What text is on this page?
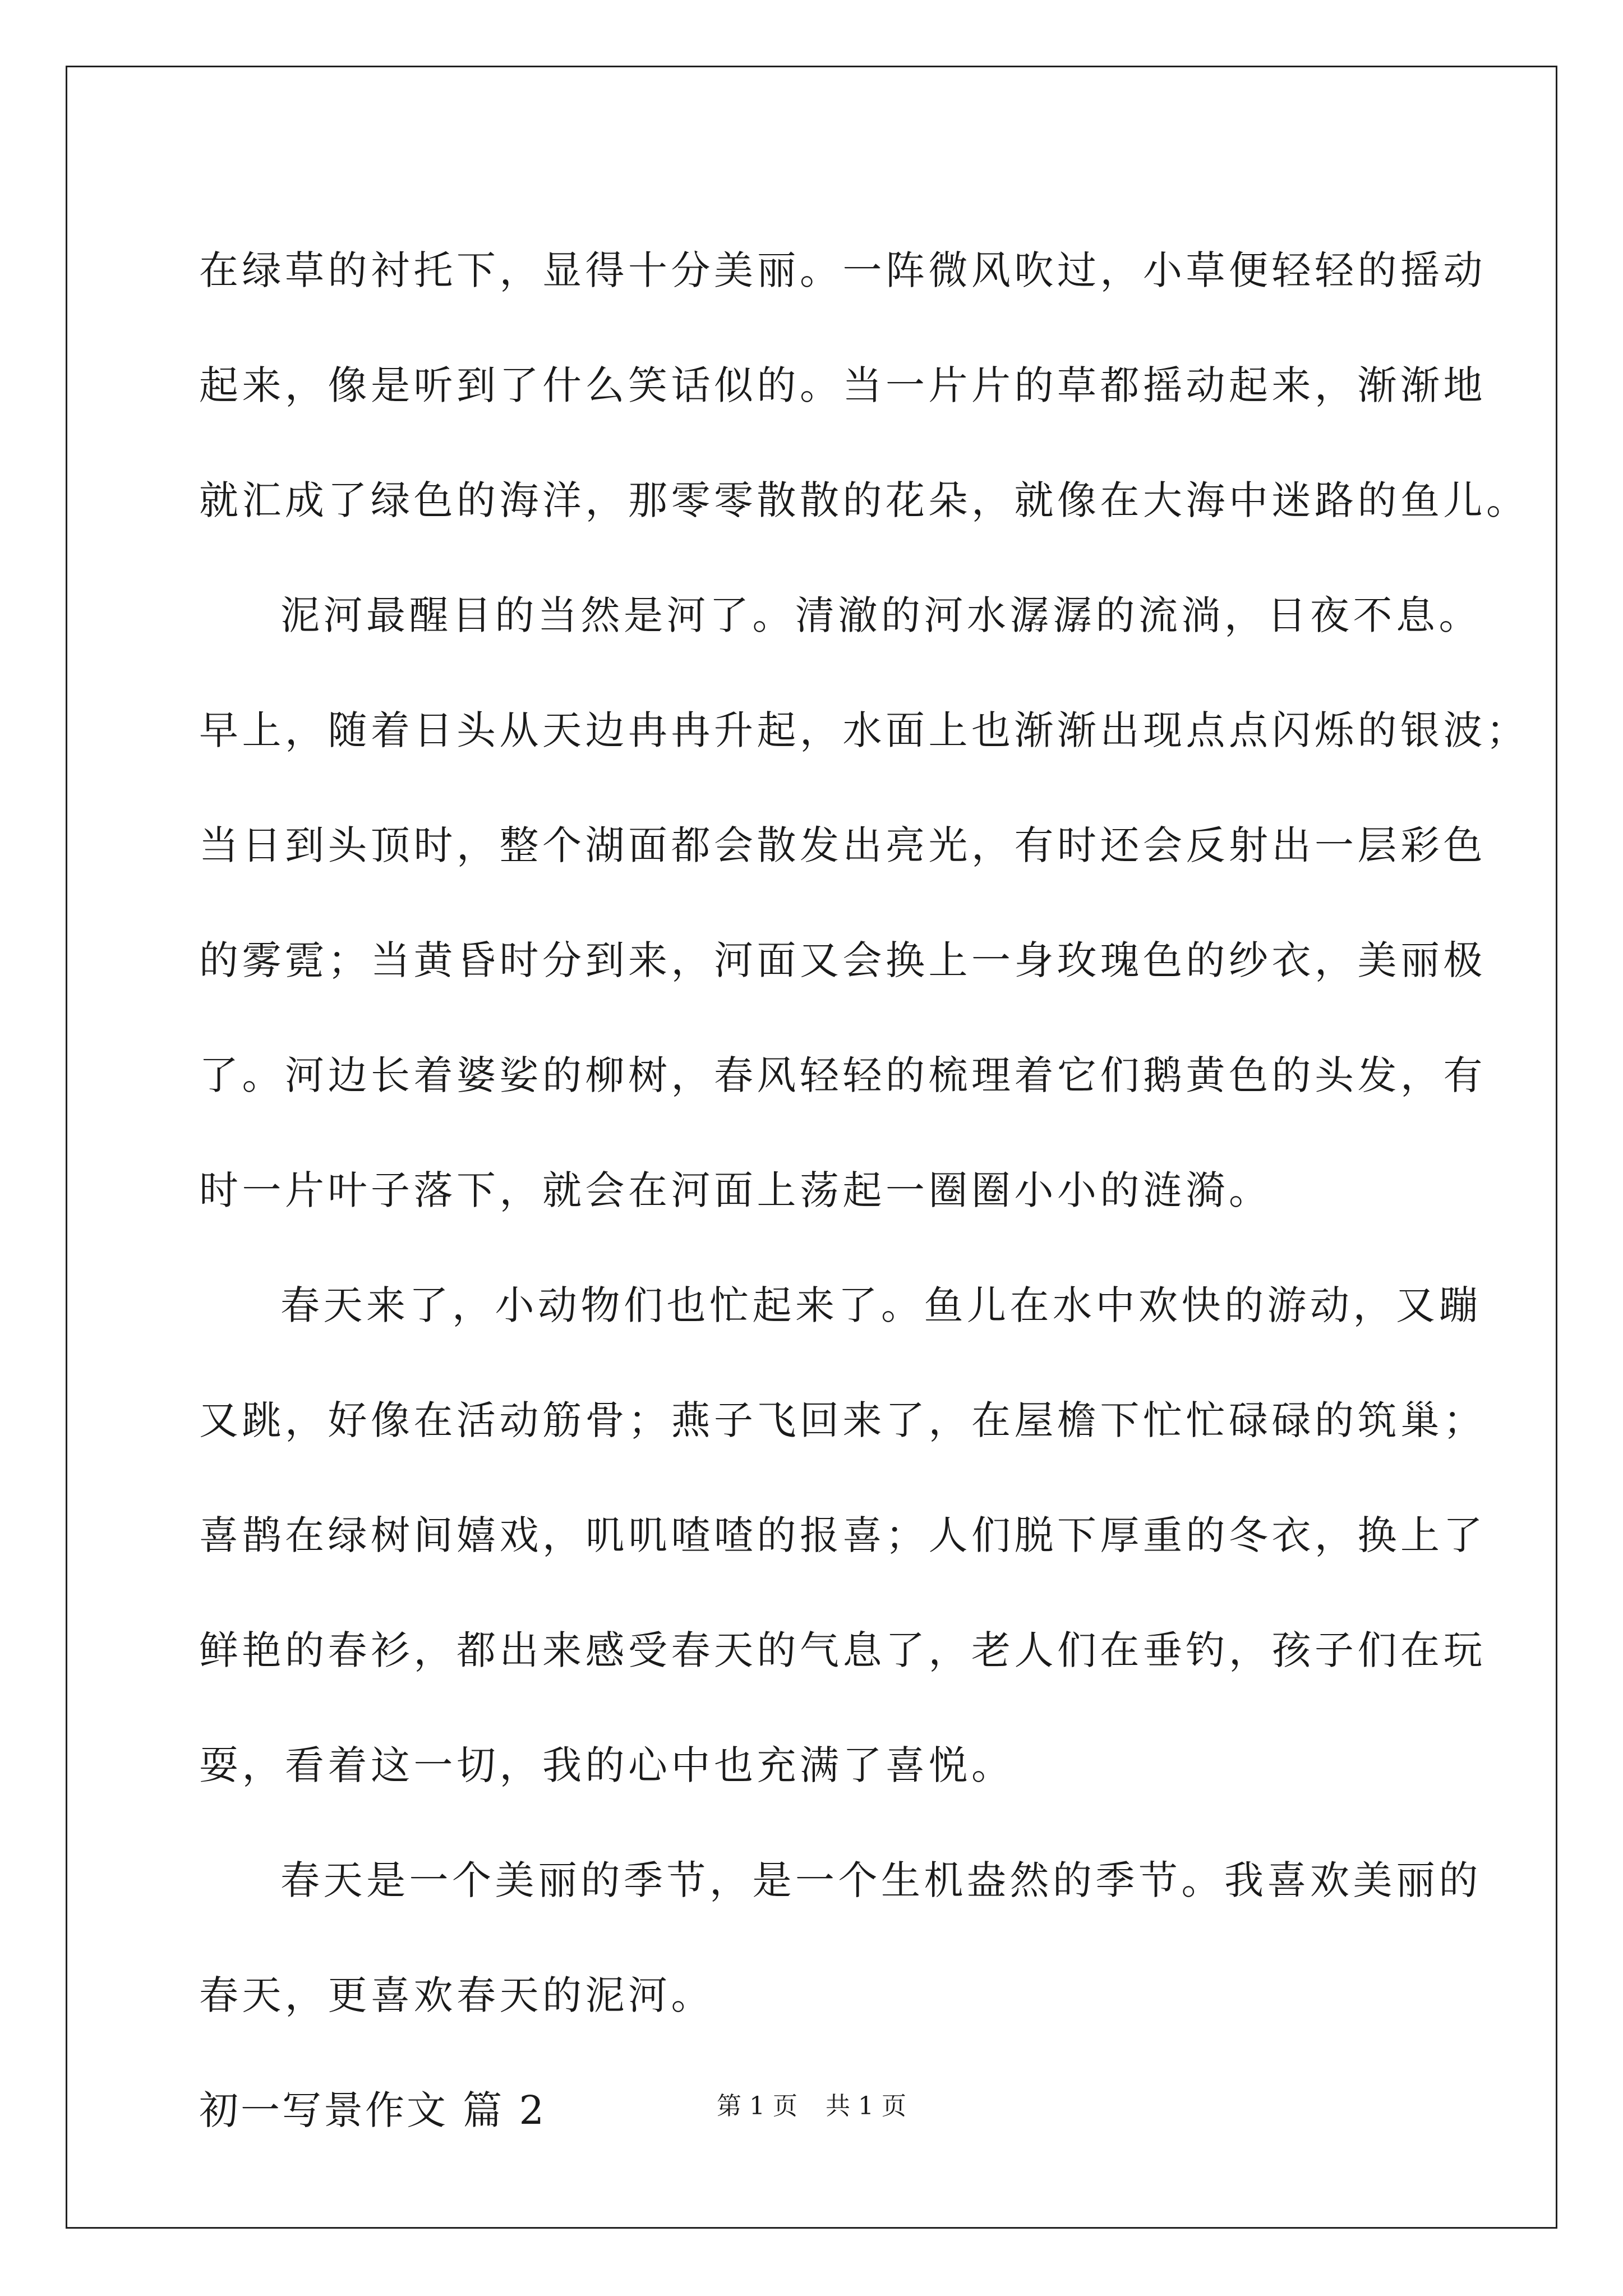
在绿草的衬托下，显得十分美丽。一阵微风吹过，小草便轻轻的摇动
起来，像是听到了什么笑话似的。当一片片的草都摇动起来，渐渐地
就汇成了绿色的海洋，那零零散散的花朵，就像在大海中迷路的鱼儿。
泥河最醒目的当然是河了。清澈的河水潺潺的流淌，日夜不息。
早上，随着日头从天边冉冉升起，水面上也渐渐出现点点闪烁的银波；
当日到头顶时，整个湖面都会散发出亮光，有时还会反射出一层彩色
的雾霓；当黄昏时分到来，河面又会换上一身玫瑰色的纱衣，美丽极
了。河边长着婆娑的柳树，春风轻轻的梳理着它们鹅黄色的头发，有
时一片叶子落下，就会在河面上荡起一圈圈小小的涟漪。
春天来了，小动物们也忙起来了。鱼儿在水中欢快的游动，又蹦
又跳，好像在活动筋骨；燕子飞回来了，在屋檐下忙忙碌碌的筑巢；
喜鹊在绿树间嬉戏，叽叽喳喳的报喜；人们脱下厚重的冬衣，换上了
鲜艳的春衫，都出来感受春天的气息了，老人们在垂钓，孩子们在玩
耍，看着这一切，我的心中也充满了喜悦。
春天是一个美丽的季节，是一个生机盎然的季节。我喜欢美丽的
春天，更喜欢春天的泥河。
初一写景作文 篇 2	第 1 页 共 1 页
